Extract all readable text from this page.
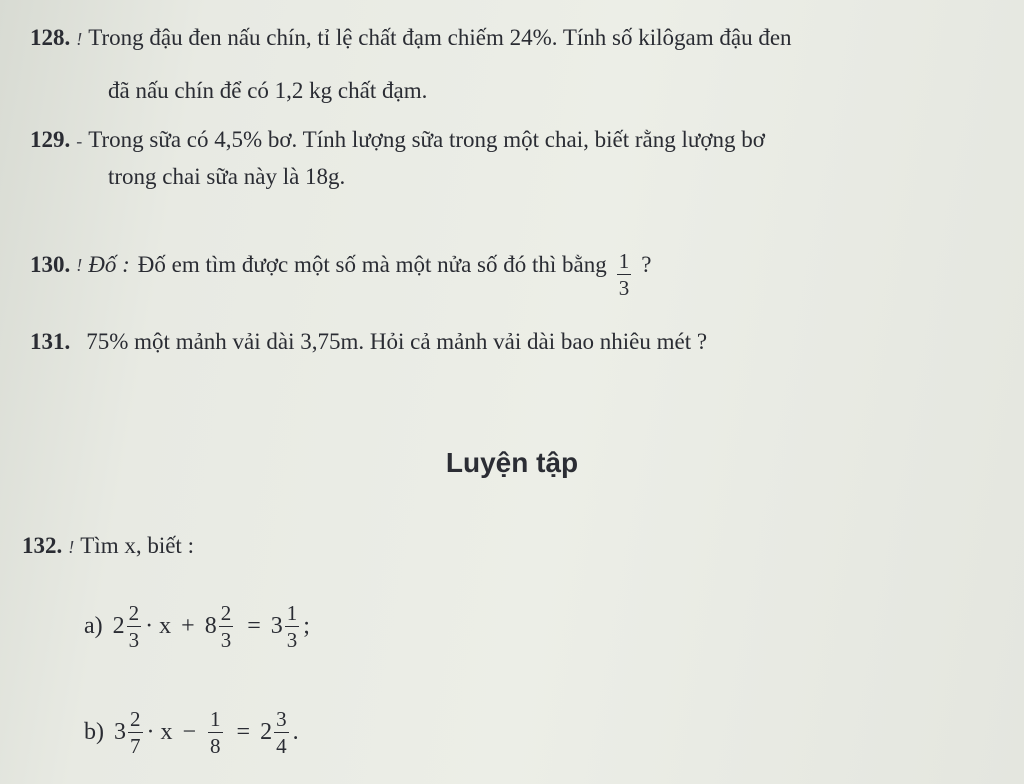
128. ! Trong đậu đen nấu chín, tỉ lệ chất đạm chiếm 24%. Tính số kilôgam đậu đen
đã nấu chín để có 1,2 kg chất đạm.
129. - Trong sữa có 4,5% bơ. Tính lượng sữa trong một chai, biết rằng lượng bơ
trong chai sữa này là 18g.
130. ! Đố : Đố em tìm được một số mà một nửa số đó thì bằng $\frac{1}{3}$ ?
131. 75% một mảnh vải dài 3,75m. Hỏi cả mảnh vải dài bao nhiêu mét ?
Luyện tập
132. ! Tìm x, biết :
a) $2 \frac{2}{3} \cdot x + 8 \frac{2}{3} = 3 \frac{1}{3}$ ;
b) $3 \frac{2}{7} \cdot x - \frac{1}{8} = 2 \frac{3}{4}$ .
